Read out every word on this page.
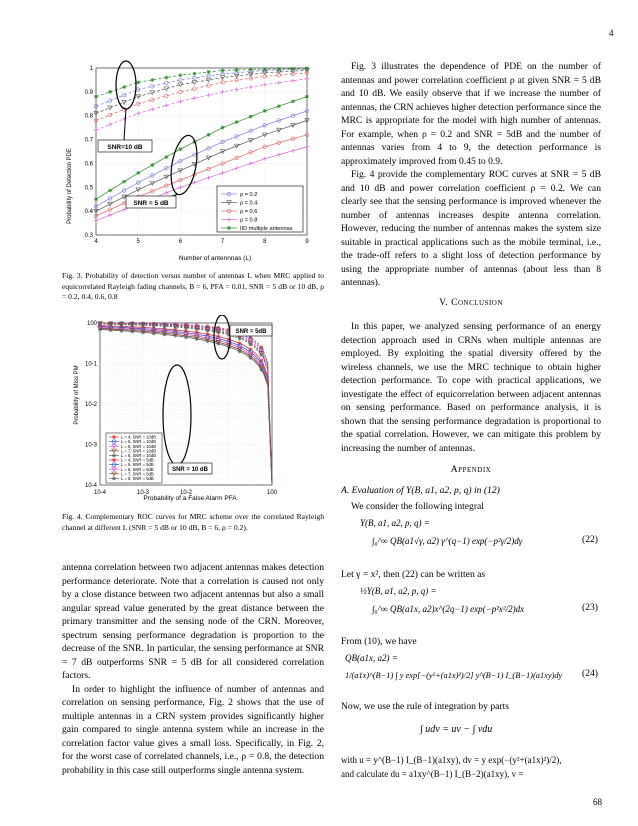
4
68
4	5	6	7	8	9
0.3
0.4
0.5
0.6
0.7
0.8
0.9
1
Probability of Detection PDE
Number of antennnas (L)
SNR=10 dB
SNR = 5 dB
ρ = 0.2
ρ = 0.4
ρ = 0.6
ρ = 0.8
IID multiple antennas
Fig. 3. Probability of detection versus number of antennas L when MRC applied to equicorrelated Rayleigh fading channels, B = 6, PFA = 0.01, SNR = 5 dB or 10 dB, ρ = 0.2, 0.4, 0.6, 0.8
10-4	10-3	10-2	100
100
10-1
10-2
10-3
10-4
Probability of Miss PM
Probability of a False Alarm PFA
SNR = 5dB
SNR = 10 dB
L = 4, SNR = 10dB
L = 5, SNR = 10dB
L = 6, SNR = 10dB
L = 7, SNR = 10dB
L = 8, SNR = 10dB
L = 4, SNR = 5dB
L = 5, SNR = 5dB
L = 6, SNR = 5dB
L = 7, SNR = 5dB
L = 8, SNR = 5dB
Fig. 4. Complementary ROC curves for MRC scheme over the correlated Rayleigh channel at different L (SNR = 5 dB or 10 dB, B = 6, ρ = 0.2).

antenna correlation between two adjacent antennas makes detection performance deteriorate. Note that a correlation is caused not only by a close distance between two adjacent antennas but also a small angular spread value generated by the great distance between the primary transmitter and the sensing node of the CRN. Moreover, spectrum sensing performance degradation is proportion to the decrease of the SNR. In particular, the sensing performance at SNR = 7 dB outperforms SNR = 5 dB for all considered correlation factors.

In order to highlight the influence of number of antennas and correlation on sensing performance, Fig. 2 shows that the use of multiple antennas in a CRN system provides significantly higher gain compared to single antenna system while an increase in the correlation factor value gives a small loss. Specifically, in Fig. 2, for the worst case of correlated channels, i.e., ρ = 0.8, the detection probability in this case still outperforms single antenna system.

Fig. 3 illustrates the dependence of PDE on the number of antennas and power correlation coefficient ρ at given SNR = 5 dB and 10 dB. We easily observe that if we increase the number of antennas, the CRN achieves higher detection performance since the MRC is appropriate for the model with high number of antennas. For example, when ρ = 0.2 and SNR = 5dB and the number of antennas varies from 4 to 9, the detection performance is approximately improved from 0.45 to 0.9.

Fig. 4 provide the complementary ROC curves at SNR = 5 dB and 10 dB and power correlation coefficient ρ = 0.2. We can clearly see that the sensing performance is improved whenever the number of antennas increases despite antenna correlation. However, reducing the number of antennas makes the system size suitable in practical applications such as the mobile terminal, i.e., the trade-off refers to a slight loss of detection performance by using the appropriate number of antennas (about less than 8 antennas).

V. Conclusion

In this paper, we analyzed sensing performance of an energy detection approach used in CRNs when multiple antennas are employed. By exploiting the spatial diversity offered by the wireless channels, we use the MRC technique to obtain higher detection performance. To cope with practical applications, we investigate the effect of equicorrelation between adjacent antennas on sensing performance. Based on performance analysis, it is shown that the sensing performance degradation is proportional to the spatial correlation. However, we can mitigate this problem by increasing the number of antennas.

Appendix
A. Evaluation of Υ(B, a1, a2, p, q) in (12)
We consider the following integral
Υ(B, a1, a2, p, q) =
∫₀^∞ QB(a1√γ, a2) γ^(q−1) exp(−p²γ/2)dγ	(22)
Let γ = x², then (22) can be written as
½Υ(B, a1, a2, p, q) =
∫₀^∞ QB(a1x, a2)x^(2q−1) exp(−p²x²/2)dx	(23)
From (10), we have
QB(a1x, a2) =
1/(a1x)^(B−1) ∫ y exp[−(y²+(a1x)²)/2] y^(B−1) I_(B−1)(a1xy)dy	(24)
Now, we use the rule of integration by parts
∫ udv = uv − ∫ vdu
with u = y^(B−1) I_(B−1)(a1xy), dv = y exp(−(y²+(a1x)²)/2),
and calculate du = a1xy^(B−1) I_(B−2)(a1xy), v =
